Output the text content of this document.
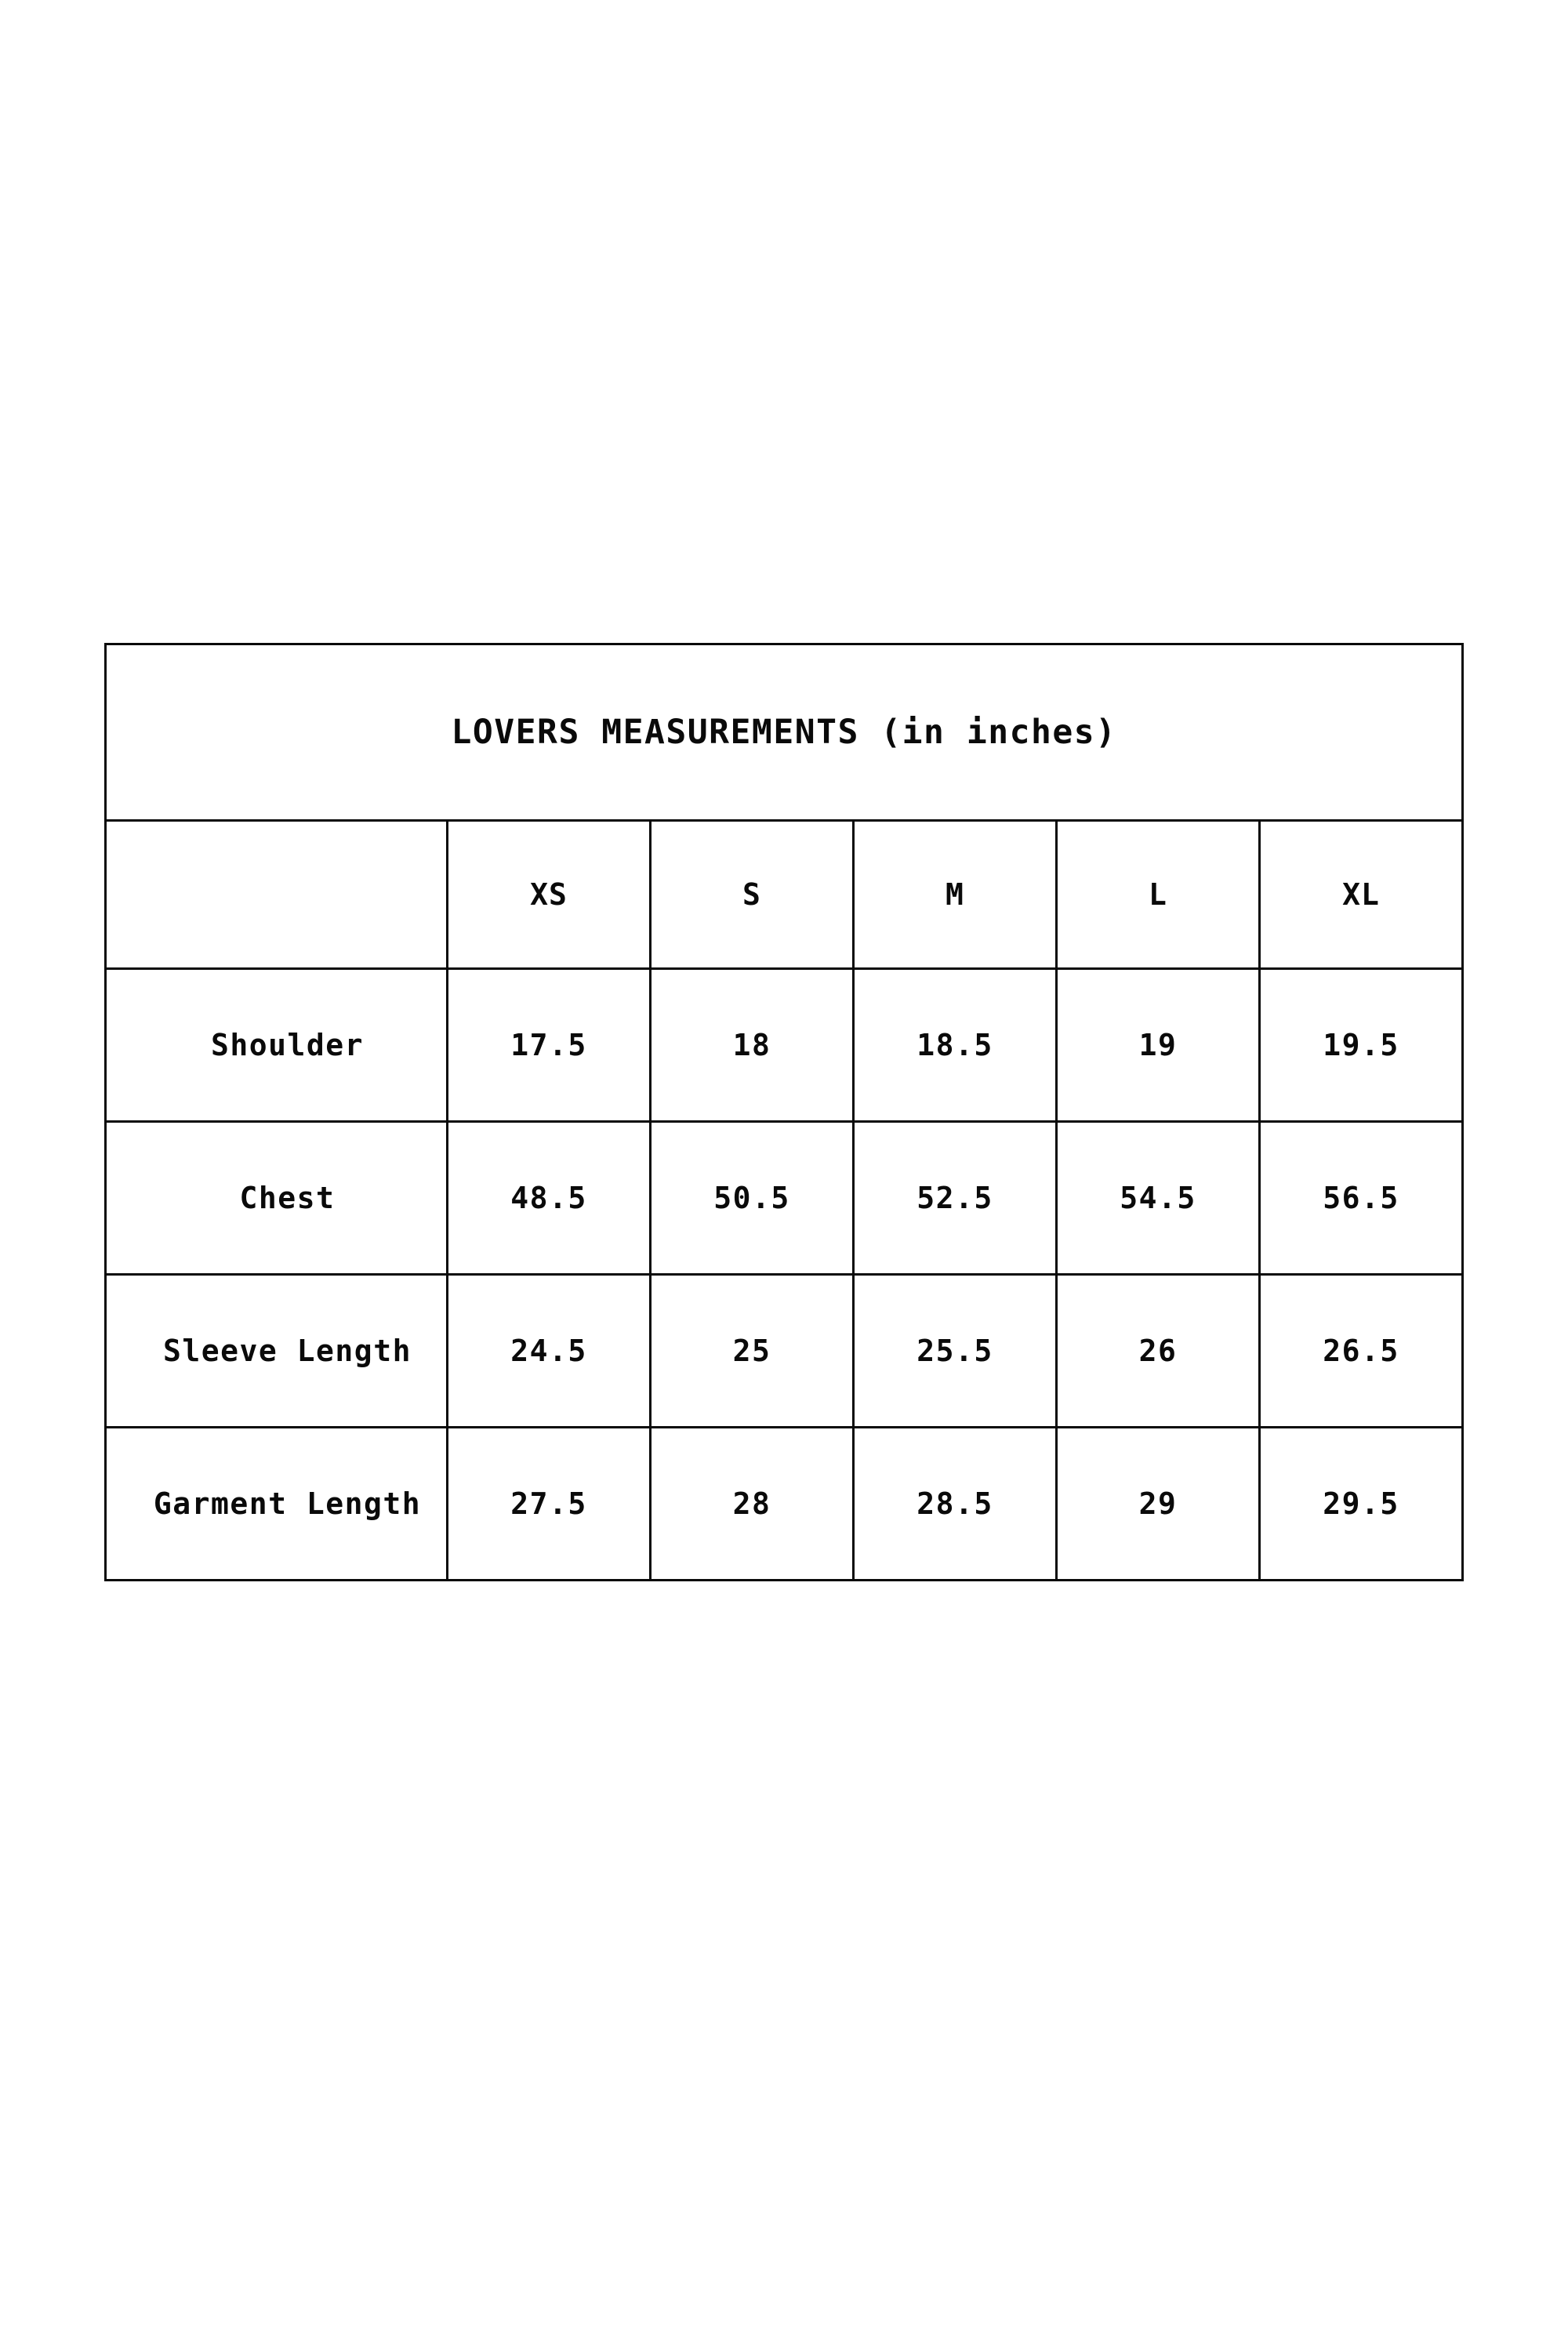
LOVERS MEASUREMENTS (in inches)					
	XS	S	M	L	XL
Shoulder	17.5	18	18.5	19	19.5
Chest	48.5	50.5	52.5	54.5	56.5
Sleeve Length	24.5	25	25.5	26	26.5
Garment Length	27.5	28	28.5	29	29.5
